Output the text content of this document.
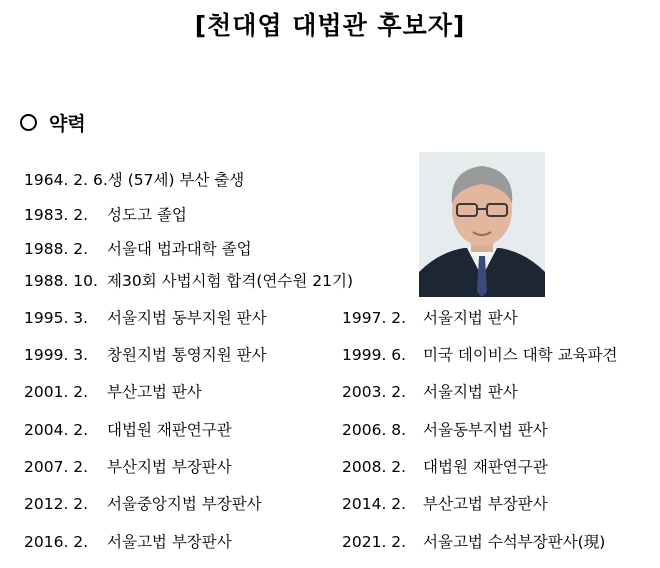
[천대엽 대법관 후보자]
약력
1964. 2. 6.생 (57세) 부산 출생
1983. 2. 성도고 졸업
1988. 2. 서울대 법과대학 졸업
1988. 10. 제30회 사법시험 합격(연수원 21기)
1995. 3. 서울지법 동부지원 판사
1999. 3. 창원지법 통영지원 판사
2001. 2. 부산고법 판사
2004. 2. 대법원 재판연구관
2007. 2. 부산지법 부장판사
2012. 2. 서울중앙지법 부장판사
2016. 2. 서울고법 부장판사
1997. 2. 서울지법 판사
1999. 6. 미국 데이비스 대학 교육파견
2003. 2. 서울지법 판사
2006. 8. 서울동부지법 판사
2008. 2. 대법원 재판연구관
2014. 2. 부산고법 부장판사
2021. 2. 서울고법 수석부장판사(現)
